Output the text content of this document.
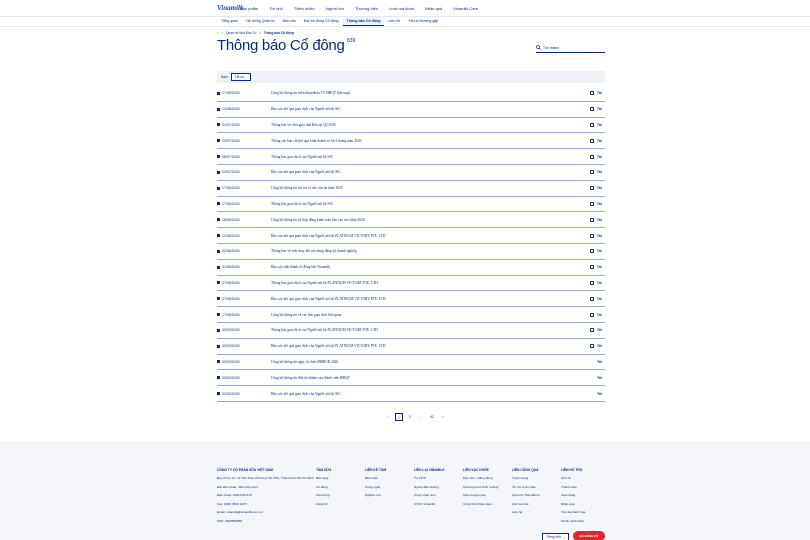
Vinamilk
Sản phẩm	Trẻ nhỏ	Thiên nhiên	Người lớn	Thương hiệu	Lười mà khoẻ	Nhận quà	Vinamilk Care
Tổng quan	Hệ thống Quản trị	Báo cáo	Đại hội đồng Cổ đông	Thông báo Cổ đông	Liên hệ	Yêu tố thường gặp
⌂ › Quan hệ Nhà Đầu Tư › Thông báo Cổ đông
Thông báo Cổ đông 839
Tìm nhanh
Năm	Tất cả ⌄
17/08/2026	Công bố thông tin triển khai/nhận TV HĐQT (kết nạp)	Tải
12/08/2026	Báo cáo kết quả giao dịch của Người nội bộ SIC	Tải
31/07/2026	Thông báo về chốt giao nhà Báo tại Q2 2026	Tải
22/07/2026	Thông cáo báo chí kết quả kinh doanh sơ bộ 6 tháng năm 2026	Tải
08/07/2026	Thông báo giao dịch của Người nội bộ SIC	Tải
02/07/2026	Báo cáo kết quả giao dịch của Người nội bộ SIC	Tải
17/06/2026	Công bố thông tin chi trả cổ tức còn lại năm 2025	Tải
17/06/2026	Thông báo giao dịch của Người nội bộ SIC	Tải
18/06/2026	Công bố thông tin ký hợp đồng kiểm toán báo cáo tài chính 2026	Tải
12/06/2026	Báo cáo kết quả giao dịch của Người nội bộ PLATINUM VICTORY PTE. LTD	Tải
02/06/2026	Thông báo về việc thay đổi nội dung đăng ký doanh nghiệp	Tải
31/05/2026	Báo cáo tình thành cổ đông lớn Vinamilk	Tải
07/05/2026	Thông báo giao dịch của Người nội bộ PLATINUM VICTORY PTE. LTD	Tải
07/05/2026	Báo cáo kết quả giao dịch của Người nội bộ PLATINUM VICTORY PTE. LTD	Tải
17/05/2026	Công bố thông tin về các bên giao dịch liên quan	Tải
30/03/2026	Thông báo giao dịch của Người nội bộ PLATINUM VICTORY PTE. LTD	Tải
30/03/2026	Báo cáo kết quả giao dịch của Người nội bộ PLATINUM VICTORY PTE. LTD	Tải
30/03/2026	Công bố thông tin ngày tổ chức ĐHĐCĐ 2026	Tải
03/03/2026	Công bố thông tin đơn từ nhiệm của thành viên HĐQT	Tải
02/03/2026	Báo cáo kết quả giao dịch của Người nội bộ SIC	Tải
‹	1	2	...	42	›
CÔNG TY CỔ PHẦN SỮA VIỆT NAM
Địa chỉ trụ sở: 10 Tân Trào, Phường Tân Phú, Thành phố Hồ Chí Minh
Đặt điện thoại : Mai Kiều Liên
Điện thoại: 1900 636 979
Fax: (028) 3829 1370
Email: vinamilk@vinamilk.com.vn
MST: 0300588569
TẦM SỮA
Bảo tàng
Cổ đông
Câu hỏng
Công bố
LIÊN KẾ TÂM
Bản nhạc
Công nghệ
Nghiên cứu
LIÊN LẠI VINAMILK
Từ 1976
Người đầu đường
Công nhân viên
CVSX Vinamilk
LIÊN VỤC KHỎE
Mục tiêu - Năng động
Chương trình dinh dưỡng
Câu chuyện quà
Công thức thảo ngon
LIÊN CÔNG QUẢ
Tuyển dụng
Tin tức & Sự kiện
Quan hệ Nhà đầu tư
Giới vạn tấc
Liên hệ
LIÊN HỖ TRỢ
Giỏi về
Thanh toán
Giao hàng
Nhận quà
Trả của hành hóa
Chính sách khác
Tiếng Việt ⌄	ĐÃ ĐĂNG KÝ
